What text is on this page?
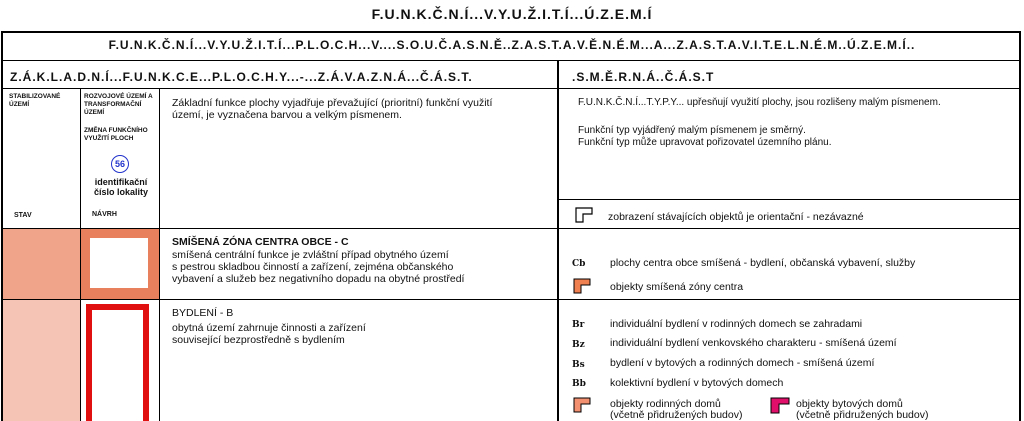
F.U.N.K.Č.N.Í...V.Y.U.Ž.I.T.Í...Ú.Z.E.M.Í
F.U.N.K.Č.N.Í...V.Y.U.Ž.I.T.Í...P.L.O.C.H...V....S.O.U.Č.A.S.N.Ě..Z.A.S.T.A.V.Ě.N.É.M...A...Z.A.S.T.A.V.I.T.E.L.N.É.M..Ú.Z.E.M.Í..
Z.Á.K.L.A.D.N.Í...F.U.N.K.C.E...P.L.O.C.H.Y...-...Z.Á.V.A.Z.N.Á...Č.Á.S.T.	.S.M.Ě.R.N.Á..Č.Á.S.T
STABILIZOVANÉ ÚZEMÍ
ROZVOJOVÉ ÚZEMÍ A TRANSFORMAČNÍ ÚZEMÍ
ZMĚNA FUNKČNÍHO VYUŽITÍ PLOCH
56
identifikační číslo lokality
Základní funkce plochy vyjadřuje převažující (prioritní) funkční využití území, je vyznačena barvou a velkým písmenem.
F.U.N.K.Č.N.Í...T.Y.P.Y... upřesňují využití plochy, jsou rozlišeny malým písmenem.
Funkční typ vyjádřený malým písmenem je směrný.
Funkční typ může upravovat pořizovatel územního plánu.
STAV	NÁVRH	zobrazení stávajících objektů je orientační - nezávazné
SMÍŠENÁ ZÓNA CENTRA OBCE - C
smíšená centrální funkce je zvláštní případ obytného území
s pestrou skladbou činností a zařízení, zejména občanského
vybavení a služeb bez negativního dopadu na obytné prostředí
Cb plochy centra obce smíšená - bydlení, občanská vybavení, služby
objekty smíšená zóny centra
BYDLENÍ - B
obytná území zahrnuje činnosti a zařízení
související bezprostředně s bydlením
Br individuální bydlení v rodinných domech se zahradami
Bz individuální bydlení venkovského charakteru - smíšená území
Bs bydlení v bytových a rodinných domech - smíšená území
Bb kolektivní bydlení v bytových domech
objekty rodinných domů
(včetně přidružených budov)
objekty bytových domů
(včetně přidružených budov)
